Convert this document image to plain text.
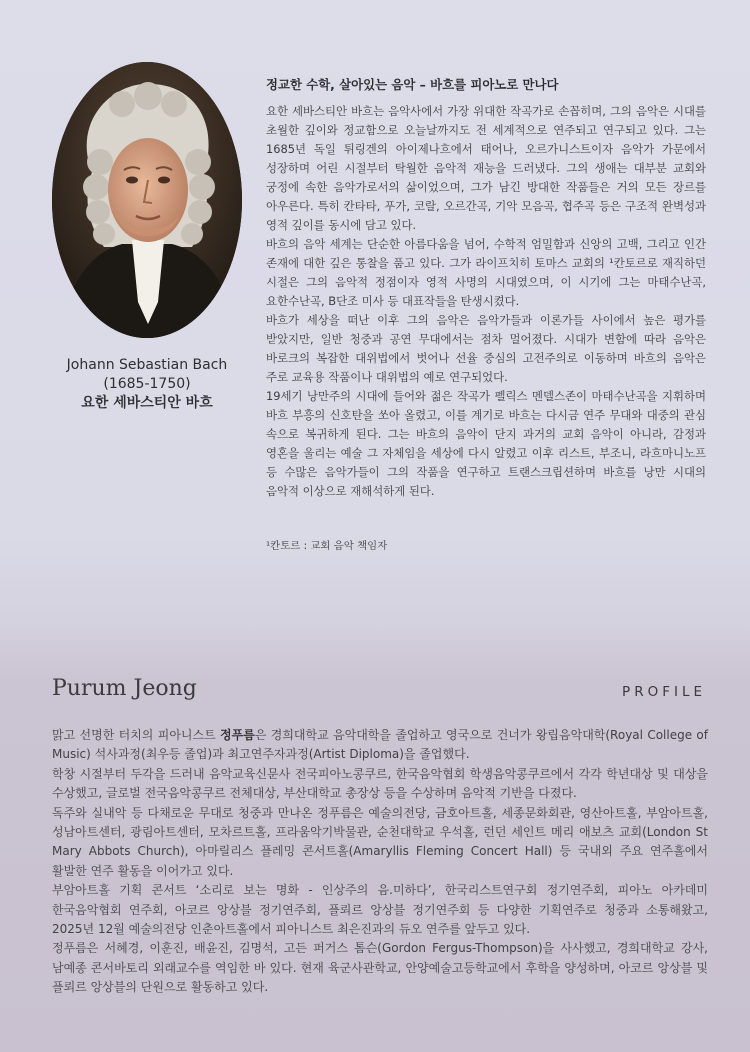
Johann Sebastian Bach
(1685-1750)
요한 세바스티안 바흐
정교한 수학, 살아있는 음악 – 바흐를 피아노로 만나다

요한 세바스티안 바흐는 음악사에서 가장 위대한 작곡가로 손꼽히며, 그의 음악은 시대를 초월한 깊이와 정교함으로 오늘날까지도 전 세계적으로 연주되고 연구되고 있다. 그는 1685년 독일 튀링겐의 아이제나흐에서 태어나, 오르가니스트이자 음악가 가문에서 성장하며 어린 시절부터 탁월한 음악적 재능을 드러냈다. 그의 생애는 대부분 교회와 궁정에 속한 음악가로서의 삶이었으며, 그가 남긴 방대한 작품들은 거의 모든 장르를 아우른다. 특히 칸타타, 푸가, 코랄, 오르간곡, 기악 모음곡, 협주곡 등은 구조적 완벽성과 영적 깊이를 동시에 담고 있다.

바흐의 음악 세계는 단순한 아름다움을 넘어, 수학적 엄밀함과 신앙의 고백, 그리고 인간 존재에 대한 깊은 통찰을 품고 있다. 그가 라이프치히 토마스 교회의 ¹칸토르로 재직하던 시절은 그의 음악적 정점이자 영적 사명의 시대였으며, 이 시기에 그는 마태수난곡, 요한수난곡, B단조 미사 등 대표작들을 탄생시켰다.

바흐가 세상을 떠난 이후 그의 음악은 음악가들과 이론가들 사이에서 높은 평가를 받았지만, 일반 청중과 공연 무대에서는 점차 멀어졌다. 시대가 변함에 따라 음악은 바로크의 복잡한 대위법에서 벗어나 선율 중심의 고전주의로 이동하며 바흐의 음악은 주로 교육용 작품이나 대위법의 예로 연구되었다.

19세기 낭만주의 시대에 들어와 젊은 작곡가 펠릭스 멘델스존이 마태수난곡을 지휘하며 바흐 부흥의 신호탄을 쏘아 올렸고, 이를 계기로 바흐는 다시금 연주 무대와 대중의 관심 속으로 복귀하게 된다. 그는 바흐의 음악이 단지 과거의 교회 음악이 아니라, 감정과 영혼을 울리는 예술 그 자체임을 세상에 다시 알렸고 이후 리스트, 부조니, 라흐마니노프 등 수많은 음악가들이 그의 작품을 연구하고 트랜스크립션하며 바흐를 낭만 시대의 음악적 이상으로 재해석하게 된다.

¹칸토르 : 교회 음악 책임자
Purum Jeong	PROFILE

맑고 선명한 터치의 피아니스트 정푸름은 경희대학교 음악대학을 졸업하고 영국으로 건너가 왕립음악대학(Royal College of Music) 석사과정(최우등 졸업)과 최고연주자과정(Artist Diploma)을 졸업했다.

학창 시절부터 두각을 드러내 음악교육신문사 전국피아노콩쿠르, 한국음악협회 학생음악콩쿠르에서 각각 학년대상 및 대상을 수상했고, 글로벌 전국음악콩쿠르 전체대상, 부산대학교 총장상 등을 수상하며 음악적 기반을 다졌다.

독주와 실내악 등 다채로운 무대로 청중과 만나온 정푸름은 예술의전당, 금호아트홀, 세종문화회관, 영산아트홀, 부암아트홀, 성남아트센터, 광림아트센터, 모차르트홀, 프라움악기박물관, 순천대학교 우석홀, 런던 세인트 메리 애보츠 교회(London St Mary Abbots Church), 아마릴리스 플레밍 콘서트홀(Amaryllis Fleming Concert Hall) 등 국내외 주요 연주홀에서 활발한 연주 활동을 이어가고 있다.

부암아트홀 기획 콘서트 ‘소리로 보는 명화 - 인상주의 음.미하다’, 한국리스트연구회 정기연주회, 피아노 아카데미 한국음악협회 연주회, 아코르 앙상블 정기연주회, 플뢰르 앙상블 정기연주회 등 다양한 기획연주로 청중과 소통해왔고, 2025년 12월 예술의전당 인춘아트홀에서 피아니스트 최은진과의 듀오 연주를 앞두고 있다.

정푸름은 서혜경, 이훈진, 배윤진, 김명석, 고든 퍼거스 톰슨(Gordon Fergus-Thompson)을 사사했고, 경희대학교 강사, 남예종 콘서바토리 외래교수를 역임한 바 있다. 현재 육군사관학교, 안양예술고등학교에서 후학을 양성하며, 아코르 앙상블 및 플뢰르 앙상블의 단원으로 활동하고 있다.
